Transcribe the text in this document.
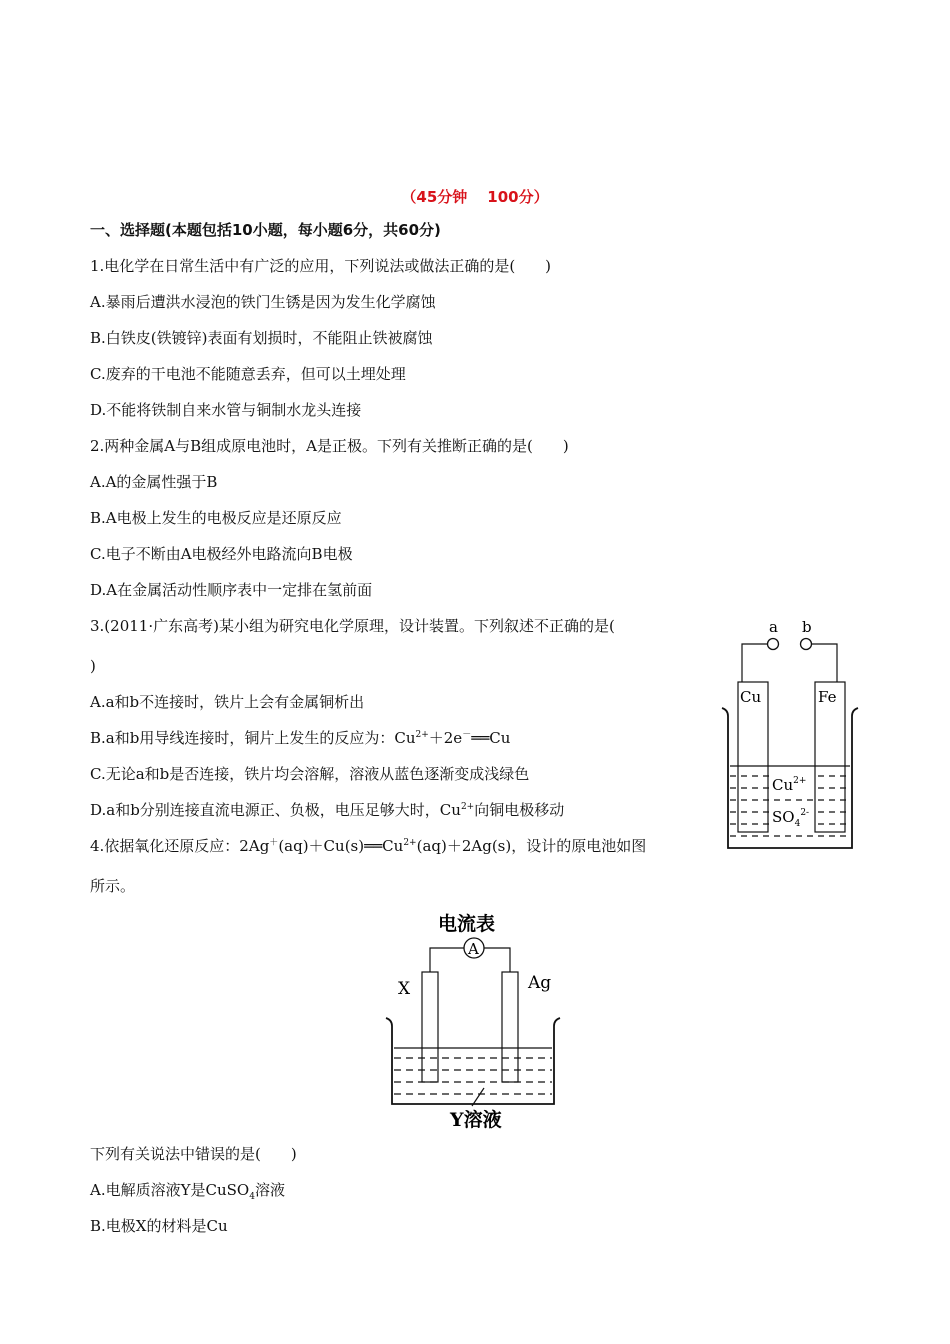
（45分钟 100分）
一、选择题(本题包括10小题，每小题6分，共60分)
1.电化学在日常生活中有广泛的应用，下列说法或做法正确的是(　　)
A.暴雨后遭洪水浸泡的铁门生锈是因为发生化学腐蚀
B.白铁皮(铁镀锌)表面有划损时，不能阻止铁被腐蚀
C.废弃的干电池不能随意丢弃，但可以土埋处理
D.不能将铁制自来水管与铜制水龙头连接
2.两种金属A与B组成原电池时，A是正极。下列有关推断正确的是(　　)
A.A的金属性强于B
B.A电极上发生的电极反应是还原反应
C.电子不断由A电极经外电路流向B电极
D.A在金属活动性顺序表中一定排在氢前面
3.(2011·广东高考)某小组为研究电化学原理，设计装置。下列叙述不正确的是(
)
A.a和b不连接时，铁片上会有金属铜析出
B.a和b用导线连接时，铜片上发生的反应为：$Cu^{2+}+2e^-══Cu$
C.无论a和b是否连接，铁片均会溶解，溶液从蓝色逐渐变成浅绿色
D.a和b分别连接直流电源正、负极，电压足够大时，$Cu^{2+}$向铜电极移动
a b
Cu	Fe
$Cu^{2+}$
$SO_4^{2-}$
4.依据氧化还原反应：$2Ag^+(aq)+Cu(s)══Cu^{2+}(aq)+2Ag(s)$，设计的原电池如图
所示。
电流表
A
X	Ag
Y溶液
下列有关说法中错误的是(　　)
A.电解质溶液Y是CuSO$_4$溶液
B.电极X的材料是Cu
